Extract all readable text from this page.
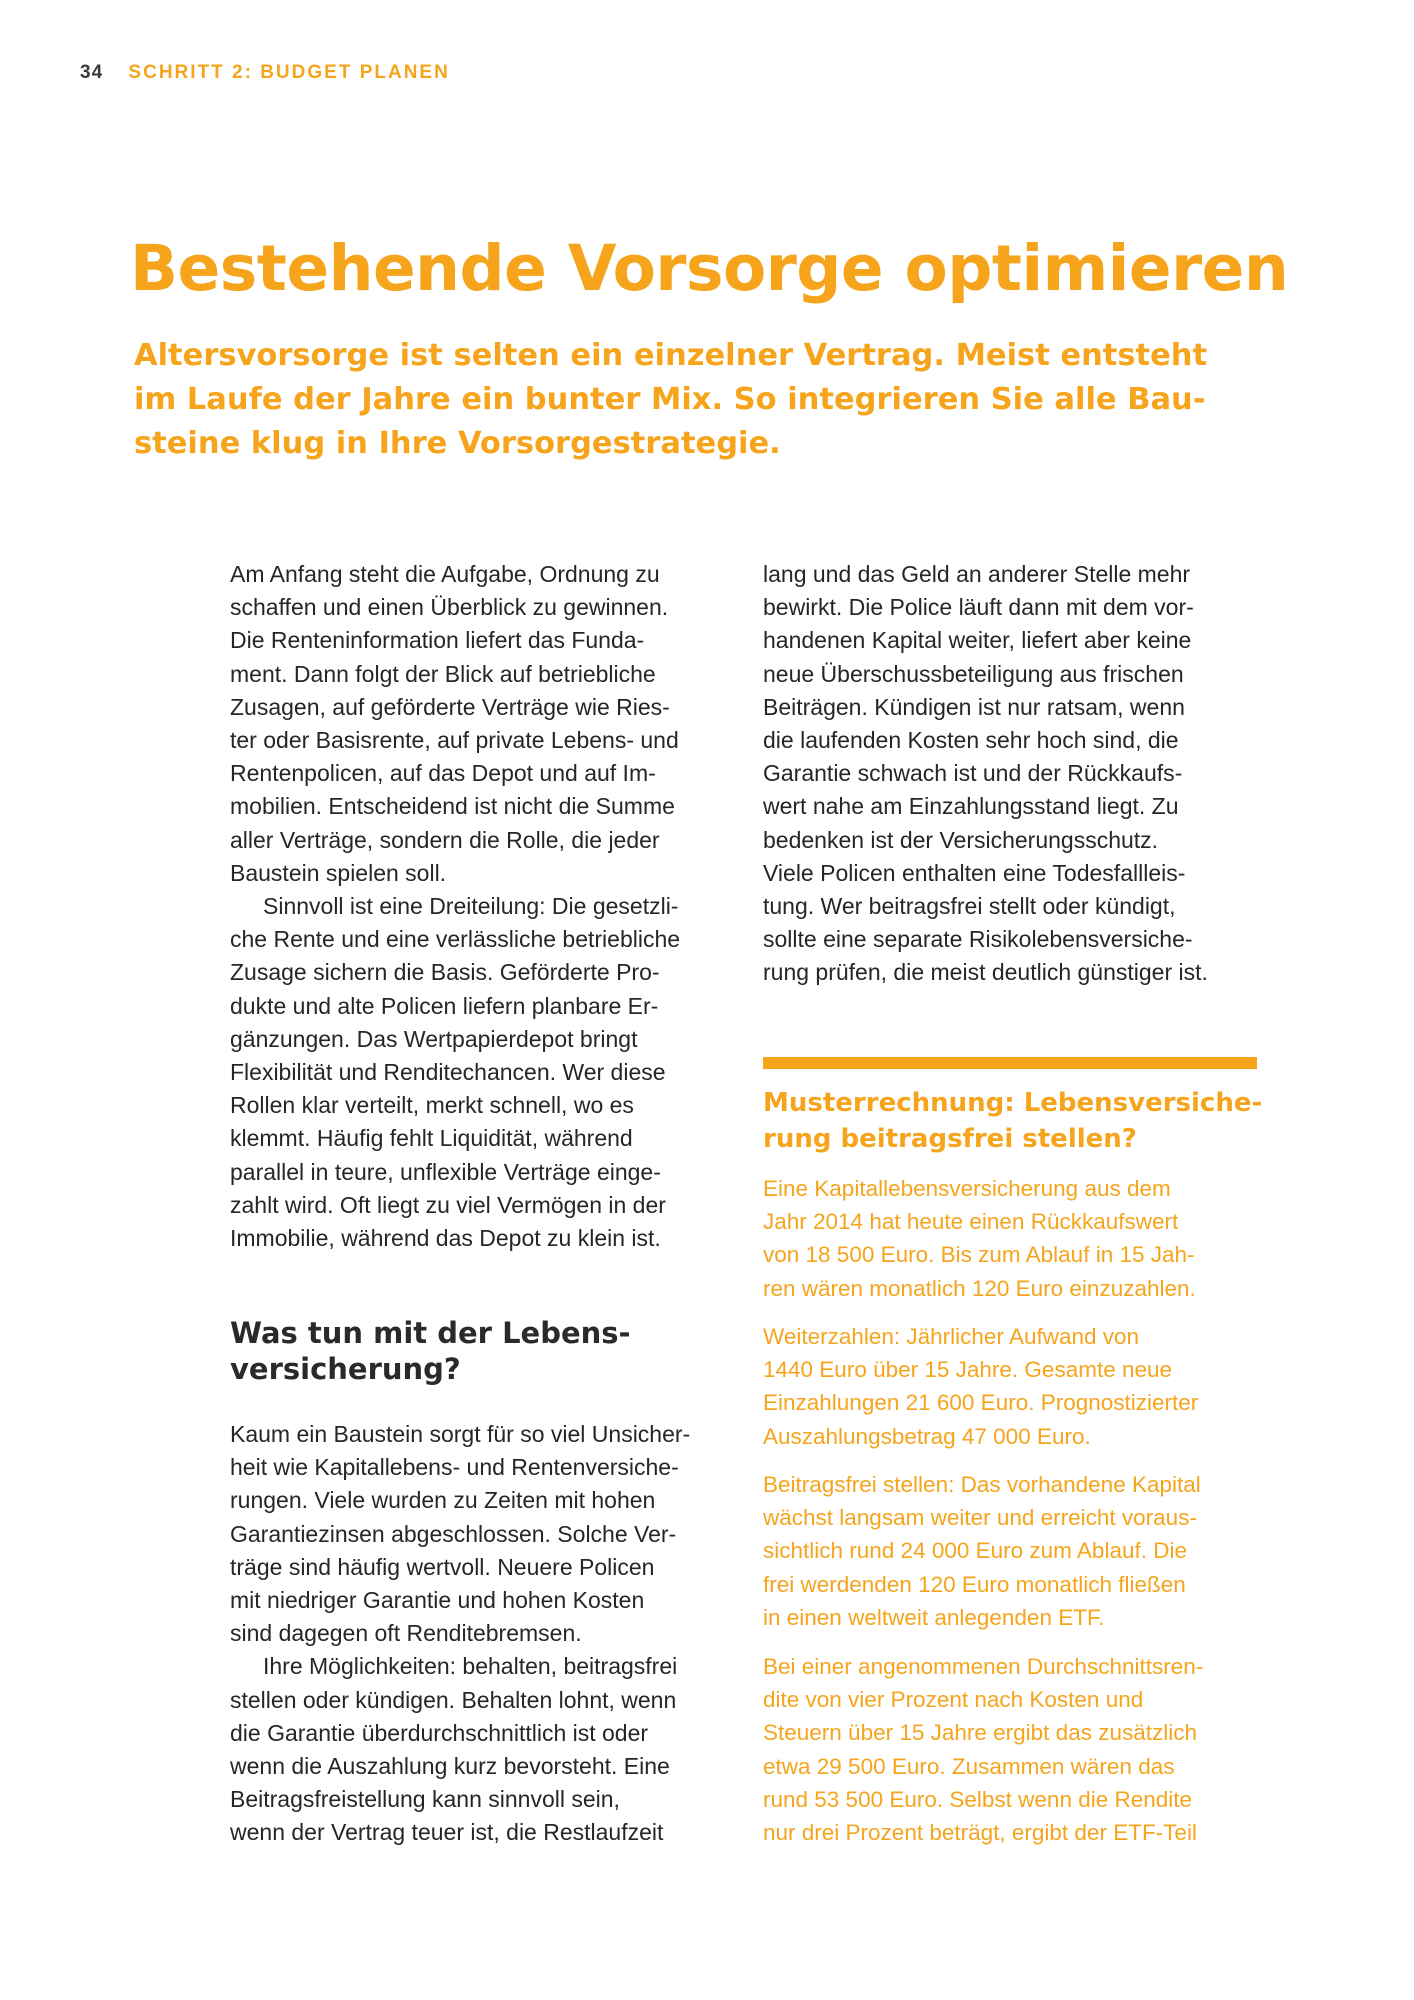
34 SCHRITT 2: BUDGET PLANEN
Bestehende Vorsorge optimieren

Altersvorsorge ist selten ein einzelner Vertrag. Meist entsteht
im Laufe der Jahre ein bunter Mix. So integrieren Sie alle Bau-
steine klug in Ihre Vorsorgestrategie.

Am Anfang steht die Aufgabe, Ordnung zu
schaffen und einen Überblick zu gewinnen.
Die Renteninformation liefert das Funda-
ment. Dann folgt der Blick auf betriebliche
Zusagen, auf geförderte Verträge wie Ries-
ter oder Basisrente, auf private Lebens- und
Rentenpolicen, auf das Depot und auf Im-
mobilien. Entscheidend ist nicht die Summe
aller Verträge, sondern die Rolle, die jeder
Baustein spielen soll.
Sinnvoll ist eine Dreiteilung: Die gesetzli-
che Rente und eine verlässliche betriebliche
Zusage sichern die Basis. Geförderte Pro-
dukte und alte Policen liefern planbare Er-
gänzungen. Das Wertpapierdepot bringt
Flexibilität und Renditechancen. Wer diese
Rollen klar verteilt, merkt schnell, wo es
klemmt. Häufig fehlt Liquidität, während
parallel in teure, unflexible Verträge einge-
zahlt wird. Oft liegt zu viel Vermögen in der
Immobilie, während das Depot zu klein ist.
Was tun mit der Lebens-
versicherung?
Kaum ein Baustein sorgt für so viel Unsicher-
heit wie Kapitallebens- und Rentenversiche-
rungen. Viele wurden zu Zeiten mit hohen
Garantiezinsen abgeschlossen. Solche Ver-
träge sind häufig wertvoll. Neuere Policen
mit niedriger Garantie und hohen Kosten
sind dagegen oft Renditebremsen.
Ihre Möglichkeiten: behalten, beitragsfrei
stellen oder kündigen. Behalten lohnt, wenn
die Garantie überdurchschnittlich ist oder
wenn die Auszahlung kurz bevorsteht. Eine
Beitragsfreistellung kann sinnvoll sein,
wenn der Vertrag teuer ist, die Restlaufzeit
lang und das Geld an anderer Stelle mehr
bewirkt. Die Police läuft dann mit dem vor-
handenen Kapital weiter, liefert aber keine
neue Überschussbeteiligung aus frischen
Beiträgen. Kündigen ist nur ratsam, wenn
die laufenden Kosten sehr hoch sind, die
Garantie schwach ist und der Rückkaufs-
wert nahe am Einzahlungsstand liegt. Zu
bedenken ist der Versicherungsschutz.
Viele Policen enthalten eine Todesfallleis-
tung. Wer beitragsfrei stellt oder kündigt,
sollte eine separate Risikolebensversiche-
rung prüfen, die meist deutlich günstiger ist.
Musterrechnung: Lebensversiche-
rung beitragsfrei stellen?
Eine Kapitallebensversicherung aus dem
Jahr 2014 hat heute einen Rückkaufswert
von 18 500 Euro. Bis zum Ablauf in 15 Jah-
ren wären monatlich 120 Euro einzuzahlen.
Weiterzahlen: Jährlicher Aufwand von
1440 Euro über 15 Jahre. Gesamte neue
Einzahlungen 21 600 Euro. Prognostizierter
Auszahlungsbetrag 47 000 Euro.
Beitragsfrei stellen: Das vorhandene Kapital
wächst langsam weiter und erreicht voraus-
sichtlich rund 24 000 Euro zum Ablauf. Die
frei werdenden 120 Euro monatlich fließen
in einen weltweit anlegenden ETF.
Bei einer angenommenen Durchschnittsren-
dite von vier Prozent nach Kosten und
Steuern über 15 Jahre ergibt das zusätzlich
etwa 29 500 Euro. Zusammen wären das
rund 53 500 Euro. Selbst wenn die Rendite
nur drei Prozent beträgt, ergibt der ETF-Teil
